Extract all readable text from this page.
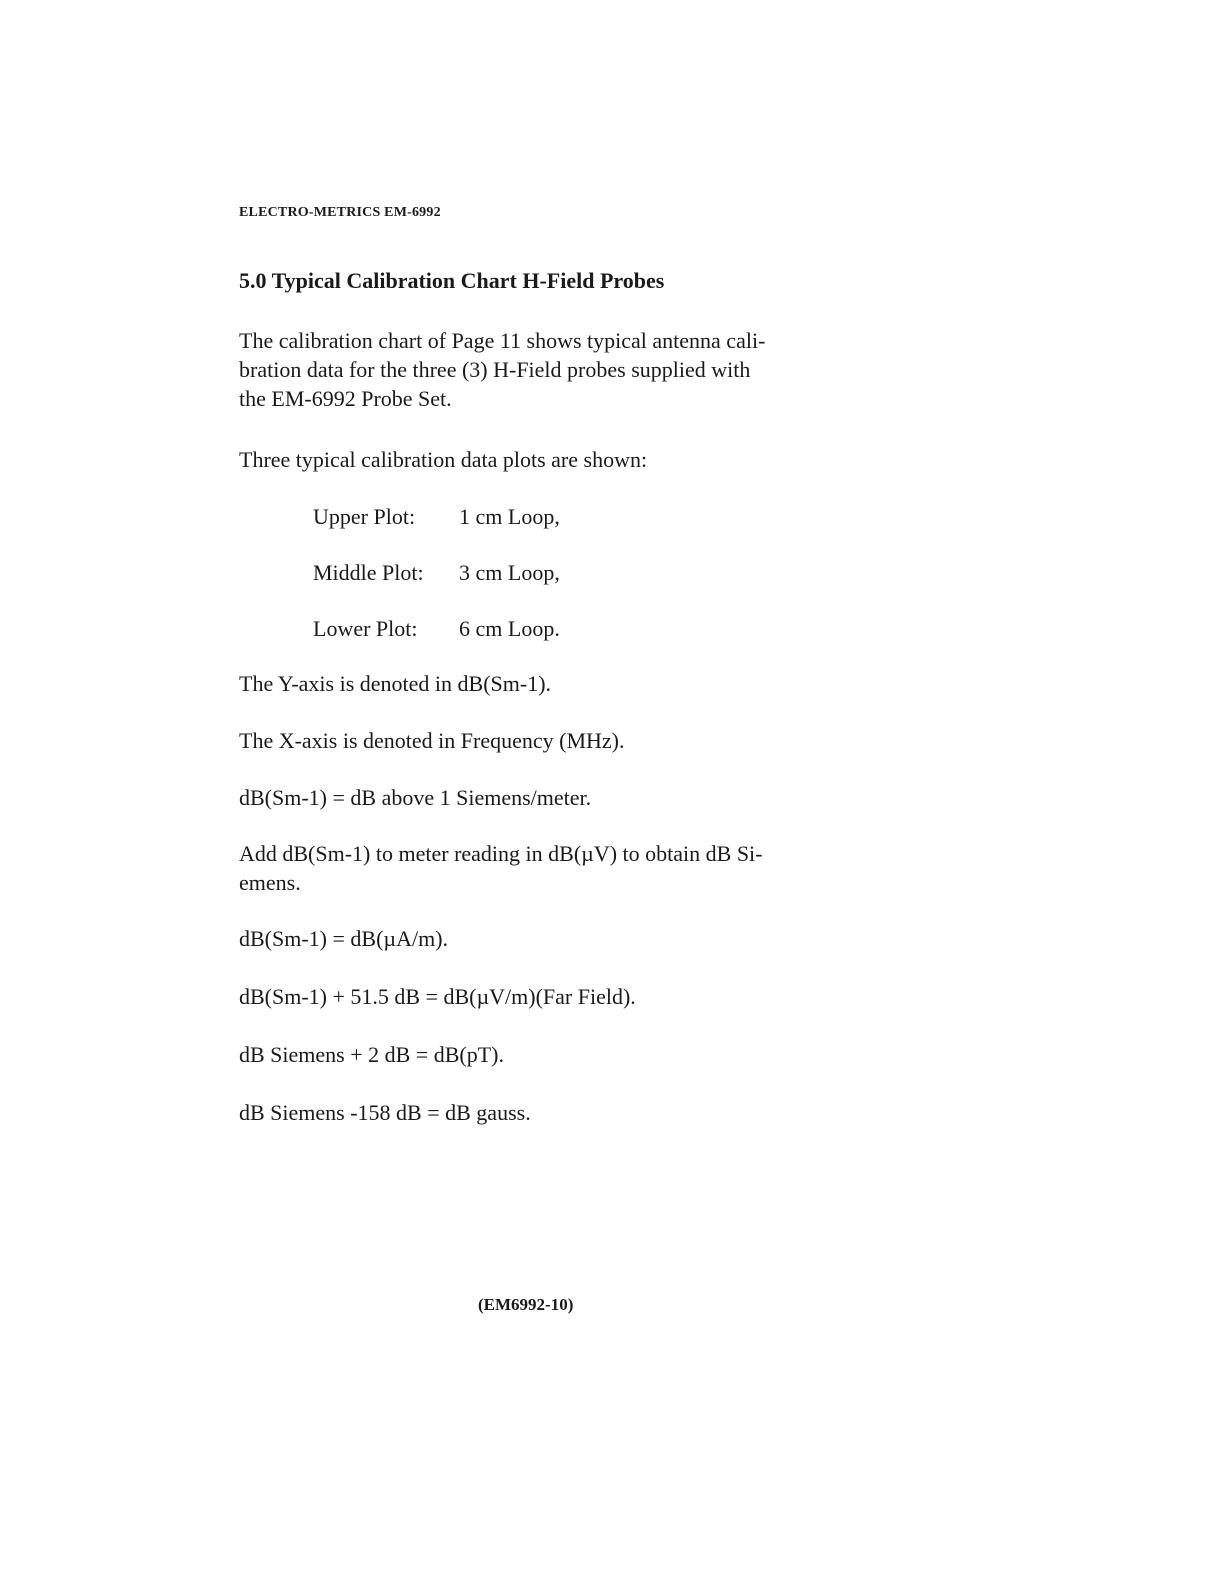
ELECTRO-METRICS EM-6992
5.0 Typical Calibration Chart H-Field Probes
The calibration chart of Page 11 shows typical antenna cali-
bration data for the three (3) H-Field probes supplied with
the EM-6992 Probe Set.

Three typical calibration data plots are shown:

Upper Plot: 1 cm Loop,
Middle Plot: 3 cm Loop,
Lower Plot: 6 cm Loop.

The Y-axis is denoted in dB(Sm-1).

The X-axis is denoted in Frequency (MHz).

dB(Sm-1) = dB above 1 Siemens/meter.

Add dB(Sm-1) to meter reading in dB(µV) to obtain dB Si-
emens.

dB(Sm-1) = dB(µA/m).

dB(Sm-1) + 51.5 dB = dB(µV/m)(Far Field).

dB Siemens + 2 dB = dB(pT).

dB Siemens -158 dB = dB gauss.

(EM6992-10)
